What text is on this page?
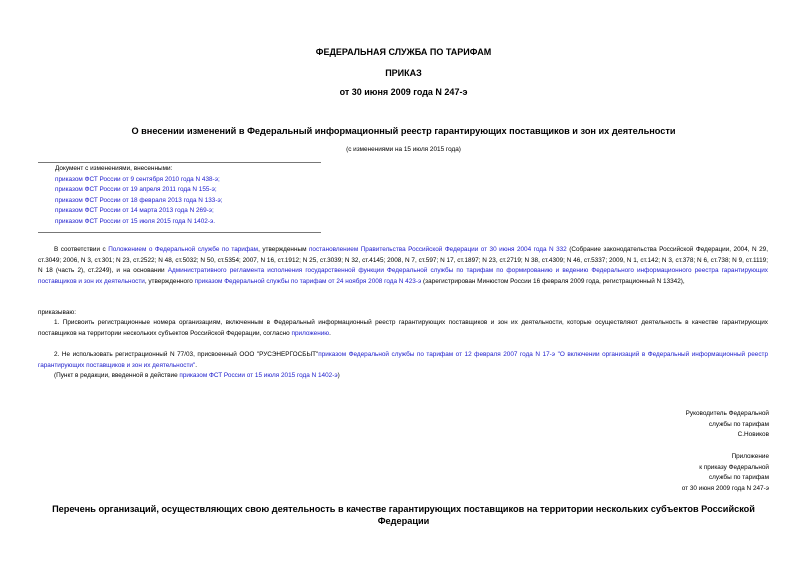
ФЕДЕРАЛЬНАЯ СЛУЖБА ПО ТАРИФАМ
ПРИКАЗ
от 30 июня 2009 года N 247-э
О внесении изменений в Федеральный информационный реестр гарантирующих поставщиков и зон их деятельности
(с изменениями на 15 июля 2015 года)
Документ с изменениями, внесенными:
приказом ФСТ России от 9 сентября 2010 года N 438-э;
приказом ФСТ России от 19 апреля 2011 года N 155-э;
приказом ФСТ России от 18 февраля 2013 года N 133-э;
приказом ФСТ России от 14 марта 2013 года N 269-э;
приказом ФСТ России от 15 июля 2015 года N 1402-э.
В соответствии с Положением о Федеральной службе по тарифам, утвержденным постановлением Правительства Российской Федерации от 30 июня 2004 года N 332 (Собрание законодательства Российской Федерации, 2004, N 29, ст.3049; 2006, N 3, ст.301; N 23, ст.2522; N 48, ст.5032; N 50, ст.5354; 2007, N 16, ст.1912; N 25, ст.3039; N 32, ст.4145; 2008, N 7, ст.597; N 17, ст.1897; N 23, ст.2719; N 38, ст.4309; N 46, ст.5337; 2009, N 1, ст.142; N 3, ст.378; N 6, ст.738; N 9, ст.1119; N 18 (часть 2), ст.2249), и на основании Административного регламента исполнения государственной функции Федеральной службы по тарифам по формированию и ведению Федерального информационного реестра гарантирующих поставщиков и зон их деятельности, утвержденного приказом Федеральной службы по тарифам от 24 ноября 2008 года N 423-э (зарегистрирован Минюстом России 16 февраля 2009 года, регистрационный N 13342),
приказываю:
1. Присвоить регистрационные номера организациям, включенным в Федеральный информационный реестр гарантирующих поставщиков и зон их деятельности, которые осуществляют деятельность в качестве гарантирующих поставщиков на территории нескольких субъектов Российской Федерации, согласно приложению.
2. Не использовать регистрационный N 77/03, присвоенный ООО "РУСЭНЕРГОСБЫТ"приказом Федеральной службы по тарифам от 12 февраля 2007 года N 17-э "О включении организаций в Федеральный информационный реестр гарантирующих поставщиков и зон их деятельности".
(Пункт в редакции, введенной в действие приказом ФСТ России от 15 июля 2015 года N 1402-э)
Руководитель Федеральной
службы по тарифам
С.Новиков
Приложение
к приказу Федеральной
службы по тарифам
от 30 июня 2009 года N 247-э
Перечень организаций, осуществляющих свою деятельность в качестве гарантирующих поставщиков на территории нескольких субъектов Российской
Федерации
